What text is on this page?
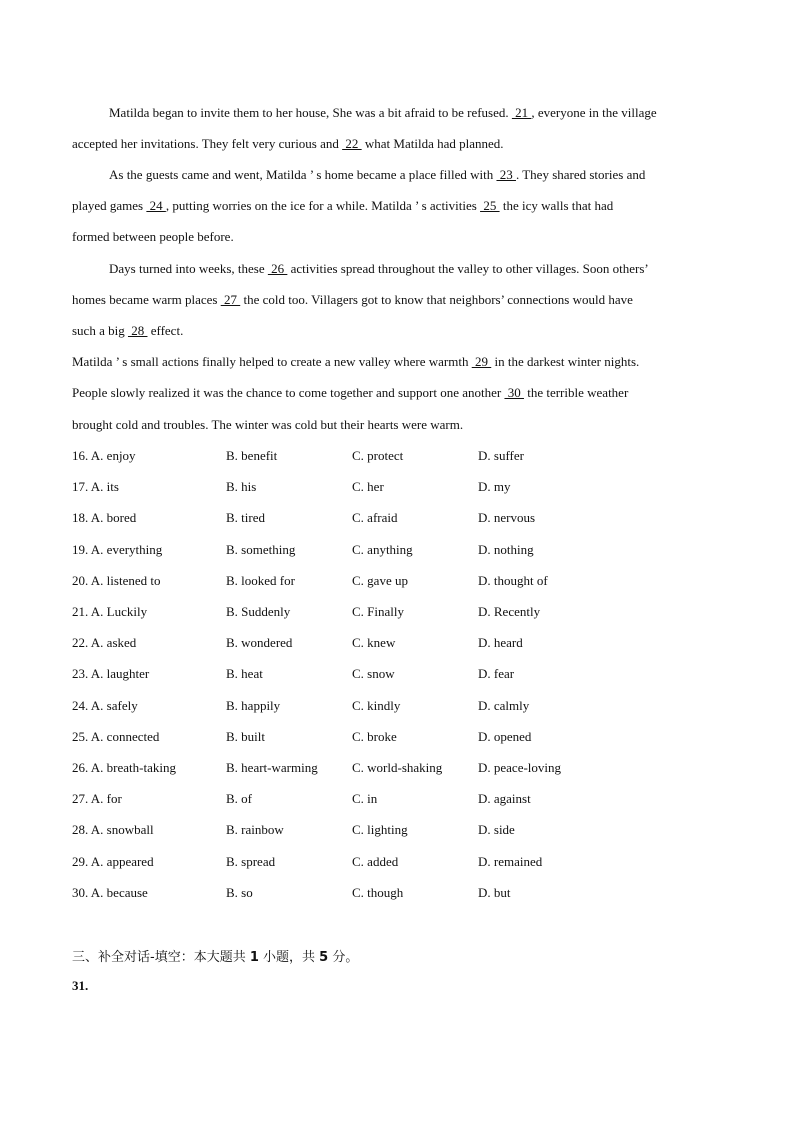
Matilda began to invite them to her house, She was a bit afraid to be refused.  21 , everyone in the village
accepted her invitations. They felt very curious and  22  what Matilda had planned.
As the guests came and went, Matilda ’ s home became a place filled with  23 . They shared stories and
played games  24 , putting worries on the ice for a while. Matilda ’ s activities  25  the icy walls that had
formed between people before.
Days turned into weeks, these  26  activities spread throughout the valley to other villages. Soon others’
homes became warm places  27  the cold too. Villagers got to know that neighbors’ connections would have
such a big  28  effect.
Matilda ’ s small actions finally helped to create a new valley where warmth  29  in the darkest winter nights.
People slowly realized it was the chance to come together and support one another  30  the terrible weather
brought cold and troubles. The winter was cold but their hearts were warm.
16. A. enjoy	B. benefit	C. protect	D. suffer
17. A. its	B. his	C. her	D. my
18. A. bored	B. tired	C. afraid	D. nervous
19. A. everything	B. something	C. anything	D. nothing
20. A. listened to	B. looked for	C. gave up	D. thought of
21. A. Luckily	B. Suddenly	C. Finally	D. Recently
22. A. asked	B. wondered	C. knew	D. heard
23. A. laughter	B. heat	C. snow	D. fear
24. A. safely	B. happily	C. kindly	D. calmly
25. A. connected	B. built	C. broke	D. opened
26. A. breath-taking	B. heart-warming	C. world-shaking	D. peace-loving
27. A. for	B. of	C. in	D. against
28. A. snowball	B. rainbow	C. lighting	D. side
29. A. appeared	B. spread	C. added	D. remained
30. A. because	B. so	C. though	D. but
三、补全对话-填空：本大题共 1 小题，共 5 分。
31.
